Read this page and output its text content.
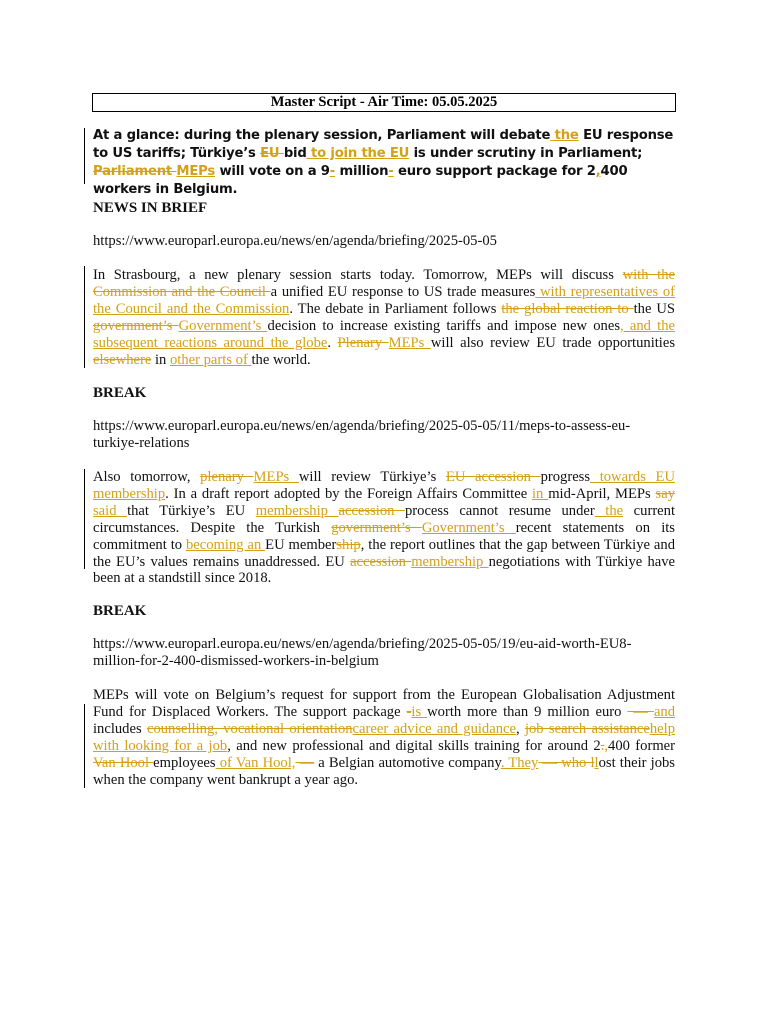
Master Script - Air Time: 05.05.2025
At a glance: during the plenary session, Parliament will debate the EU response to US tariffs; Türkiye’s EU bid to join the EU is under scrutiny in Parliament; Parliament MEPs will vote on a 9- million- euro support package for 2,400 workers in Belgium.
NEWS IN BRIEF
https://www.europarl.europa.eu/news/en/agenda/briefing/2025-05-05
In Strasbourg, a new plenary session starts today. Tomorrow, MEPs will discuss with the Commission and the Council a unified EU response to US trade measures with representatives of the Council and the Commission. The debate in Parliament follows the global reaction to the US government’s Government’s decision to increase existing tariffs and impose new ones, and the subsequent reactions around the globe. Plenary MEPs will also review EU trade opportunities elsewhere in other parts of the world.
BREAK
https://www.europarl.europa.eu/news/en/agenda/briefing/2025-05-05/11/meps-to-assess-eu-turkiye-relations
Also tomorrow, plenary MEPs will review Türkiye’s EU accession progress towards EU membership. In a draft report adopted by the Foreign Affairs Committee in mid-April, MEPs say said that Türkiye’s EU membership accession process cannot resume under the current circumstances. Despite the Turkish government’s Government’s recent statements on its commitment to becoming an EU membership, the report outlines that the gap between Türkiye and the EU’s values remains unaddressed. EU accession membership negotiations with Türkiye have been at a standstill since 2018.
BREAK
https://www.europarl.europa.eu/news/en/agenda/briefing/2025-05-05/19/eu-aid-worth-EU8-million-for-2-400-dismissed-workers-in-belgium
MEPs will vote on Belgium’s request for support from the European Globalisation Adjustment Fund for Displaced Workers. The support package -is worth more than 9 million euro  — and includes counselling, vocational orientationcareer advice and guidance, job search assistancehelp with looking for a job, and new professional and digital skills training for around 2.,400 former Van Hool employees of Van Hool, — a Belgian automotive company. They — who llost their jobs when the company went bankrupt a year ago.
